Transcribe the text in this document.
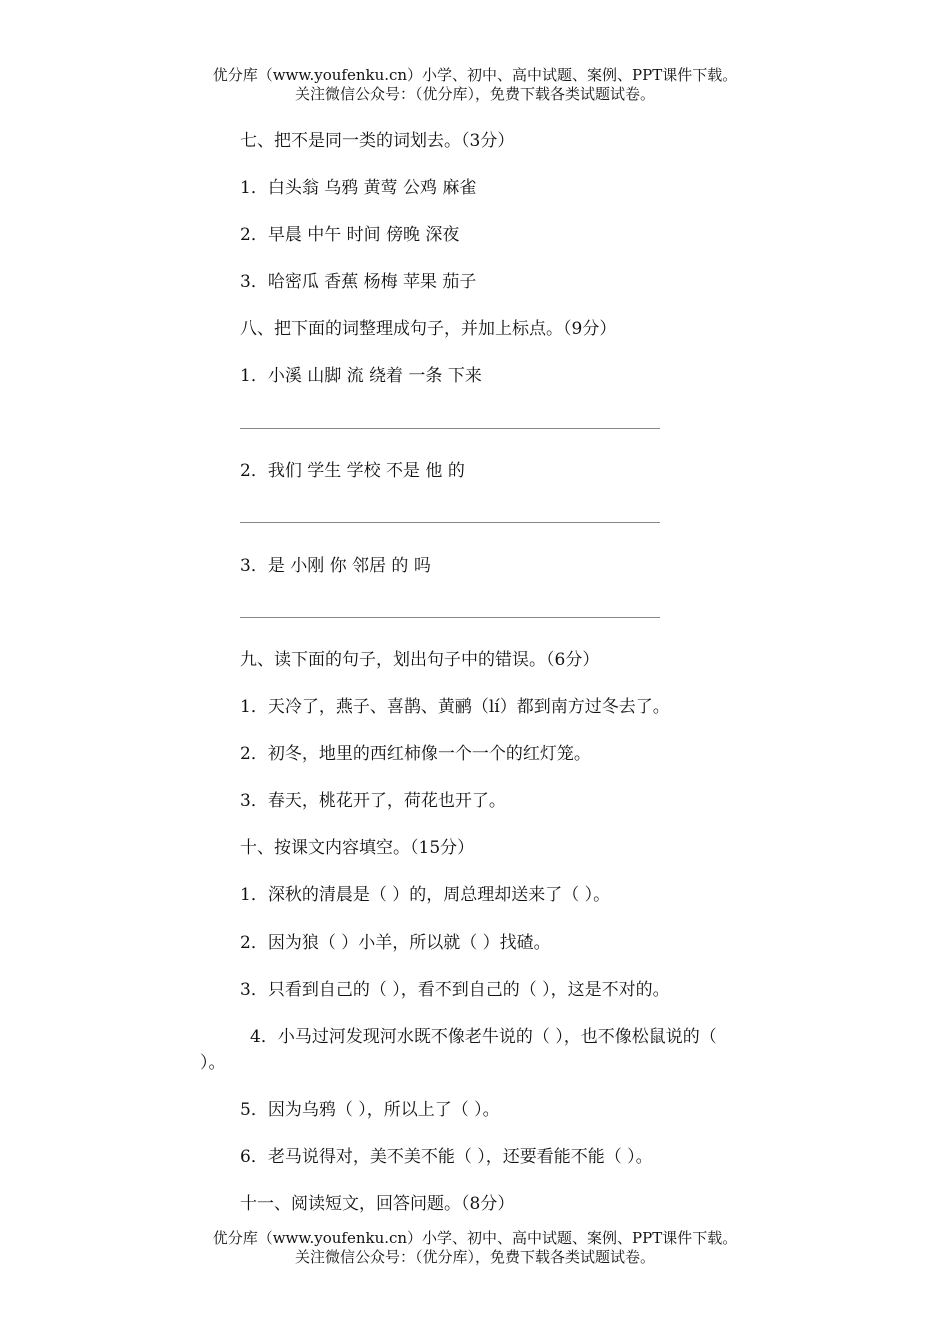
优分库（www.youfenku.cn）小学、初中、高中试题、案例、PPT课件下载。
关注微信公众号：（优分库），免费下载各类试题试卷。
七、把不是同一类的词划去。（3分）
1．白头翁 乌鸦 黄莺 公鸡 麻雀
2．早晨 中午 时间 傍晚 深夜
3．哈密瓜 香蕉 杨梅 苹果 茄子
八、把下面的词整理成句子，并加上标点。（9分）
1．小溪 山脚 流 绕着 一条 下来
2．我们 学生 学校 不是 他 的
3．是 小刚 你 邻居 的 吗
九、读下面的句子，划出句子中的错误。（6分）
1．天冷了，燕子、喜鹊、黄鹂（lí）都到南方过冬去了。
2．初冬，地里的西红柿像一个一个的红灯笼。
3．春天，桃花开了，荷花也开了。
十、按课文内容填空。（15分）
1．深秋的清晨是（ ）的，周总理却送来了（ ）。
2．因为狼（ ）小羊，所以就（ ）找碴。
3．只看到自己的（ ），看不到自己的（ ），这是不对的。
4．小马过河发现河水既不像老牛说的（ ），也不像松鼠说的（
）。
5．因为乌鸦（ ），所以上了（ ）。
6．老马说得对，美不美不能（ ），还要看能不能（ ）。
十一、阅读短文，回答问题。（8分）
优分库（www.youfenku.cn）小学、初中、高中试题、案例、PPT课件下载。
关注微信公众号：（优分库），免费下载各类试题试卷。
